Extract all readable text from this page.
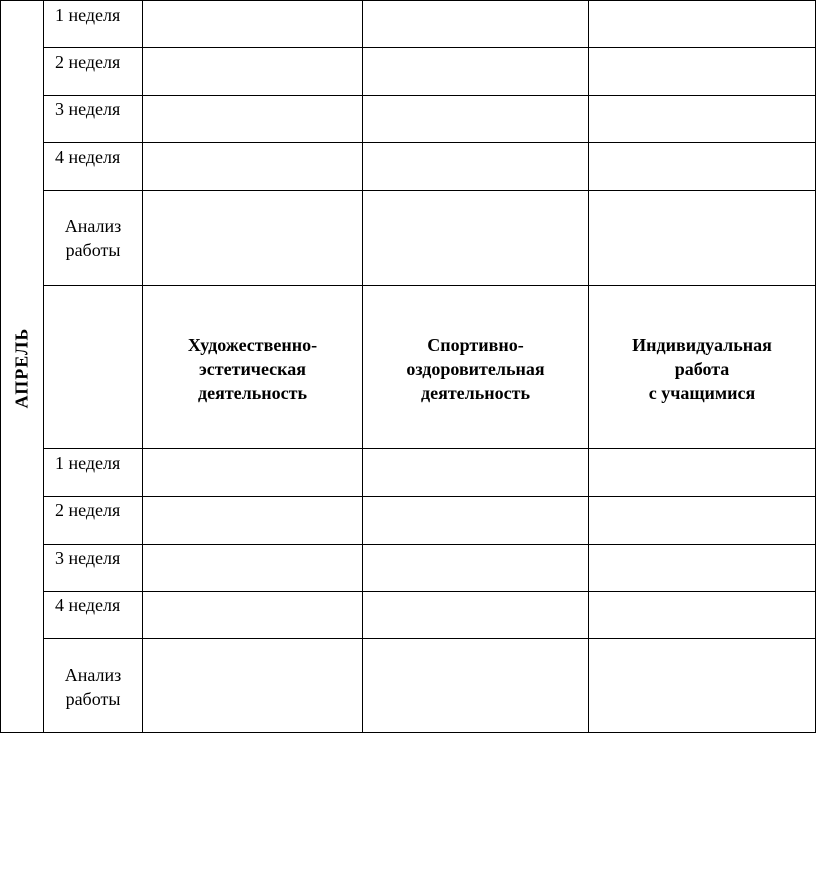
АПРЕЛЬ
1 неделя
2 неделя
3 неделя
4 неделя
Анализ
работы
Художественно-
эстетическая
деятельность
Спортивно-
оздоровительная
деятельность
Индивидуальная
работа
с учащимися
1 неделя
2 неделя
3 неделя
4 неделя
Анализ
работы
